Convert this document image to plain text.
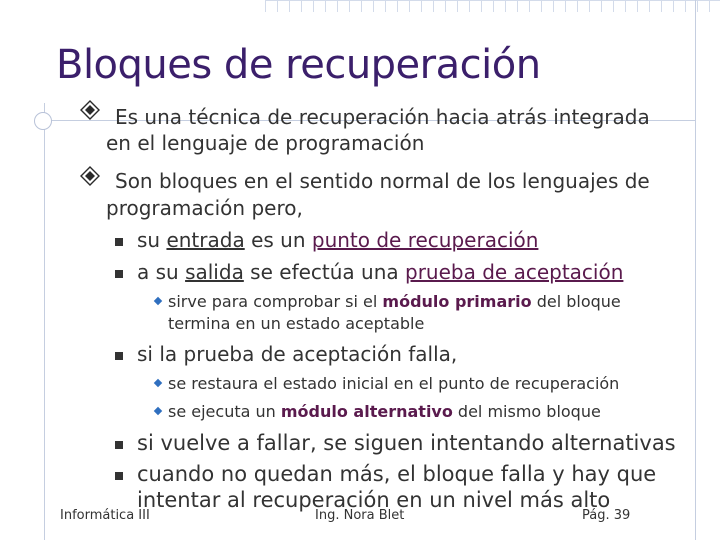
Bloques de recuperación
Es una técnica de recuperación hacia atrás integrada
en el lenguaje de programación
Son bloques en el sentido normal de los lenguajes de
programación pero,
su entrada es un punto de recuperación
a su salida se efectúa una prueba de aceptación
sirve para comprobar si el módulo primario del bloque
termina en un estado aceptable
si la prueba de aceptación falla,
se restaura el estado inicial en el punto de recuperación
se ejecuta un módulo alternativo del mismo bloque
si vuelve a fallar, se siguen intentando alternativas
cuando no quedan más, el bloque falla y hay que
intentar al recuperación en un nivel más alto
Informática III	Ing. Nora Blet	Pág. 39
